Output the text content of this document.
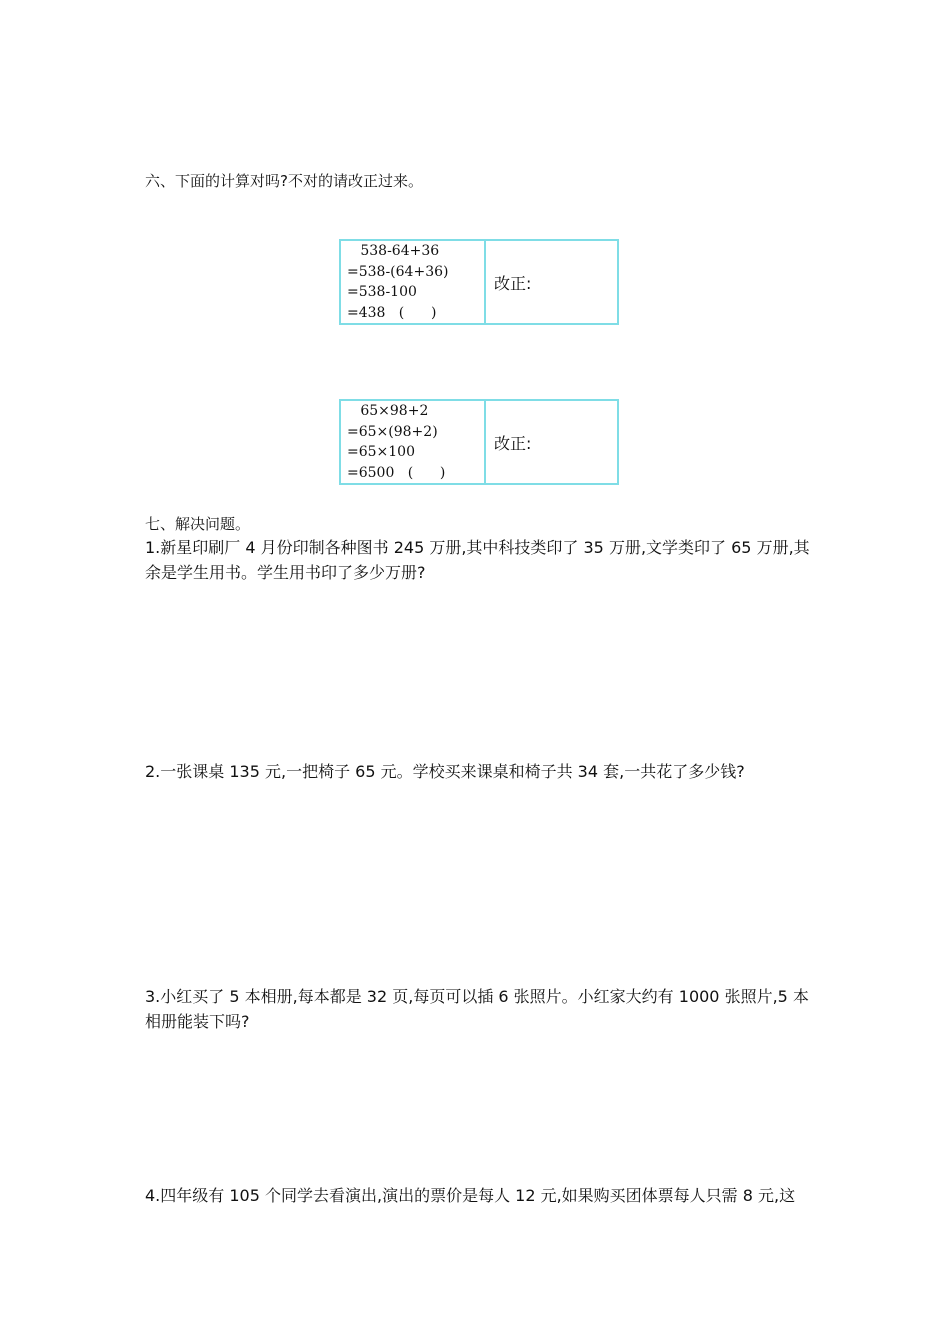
六、下面的计算对吗?不对的请改正过来。
538-64+36
=538-(64+36)
=538-100
=438   (      )
	改正:
65×98+2
=65×(98+2)
=65×100
=6500   (      )
	改正:
七、解决问题。
1.新星印刷厂 4 月份印制各种图书 245 万册,其中科技类印了 35 万册,文学类印了 65 万册,其
余是学生用书。学生用书印了多少万册?
2.一张课桌 135 元,一把椅子 65 元。学校买来课桌和椅子共 34 套,一共花了多少钱?
3.小红买了 5 本相册,每本都是 32 页,每页可以插 6 张照片。小红家大约有 1000 张照片,5 本
相册能装下吗?
4.四年级有 105 个同学去看演出,演出的票价是每人 12 元,如果购买团体票每人只需 8 元,这
